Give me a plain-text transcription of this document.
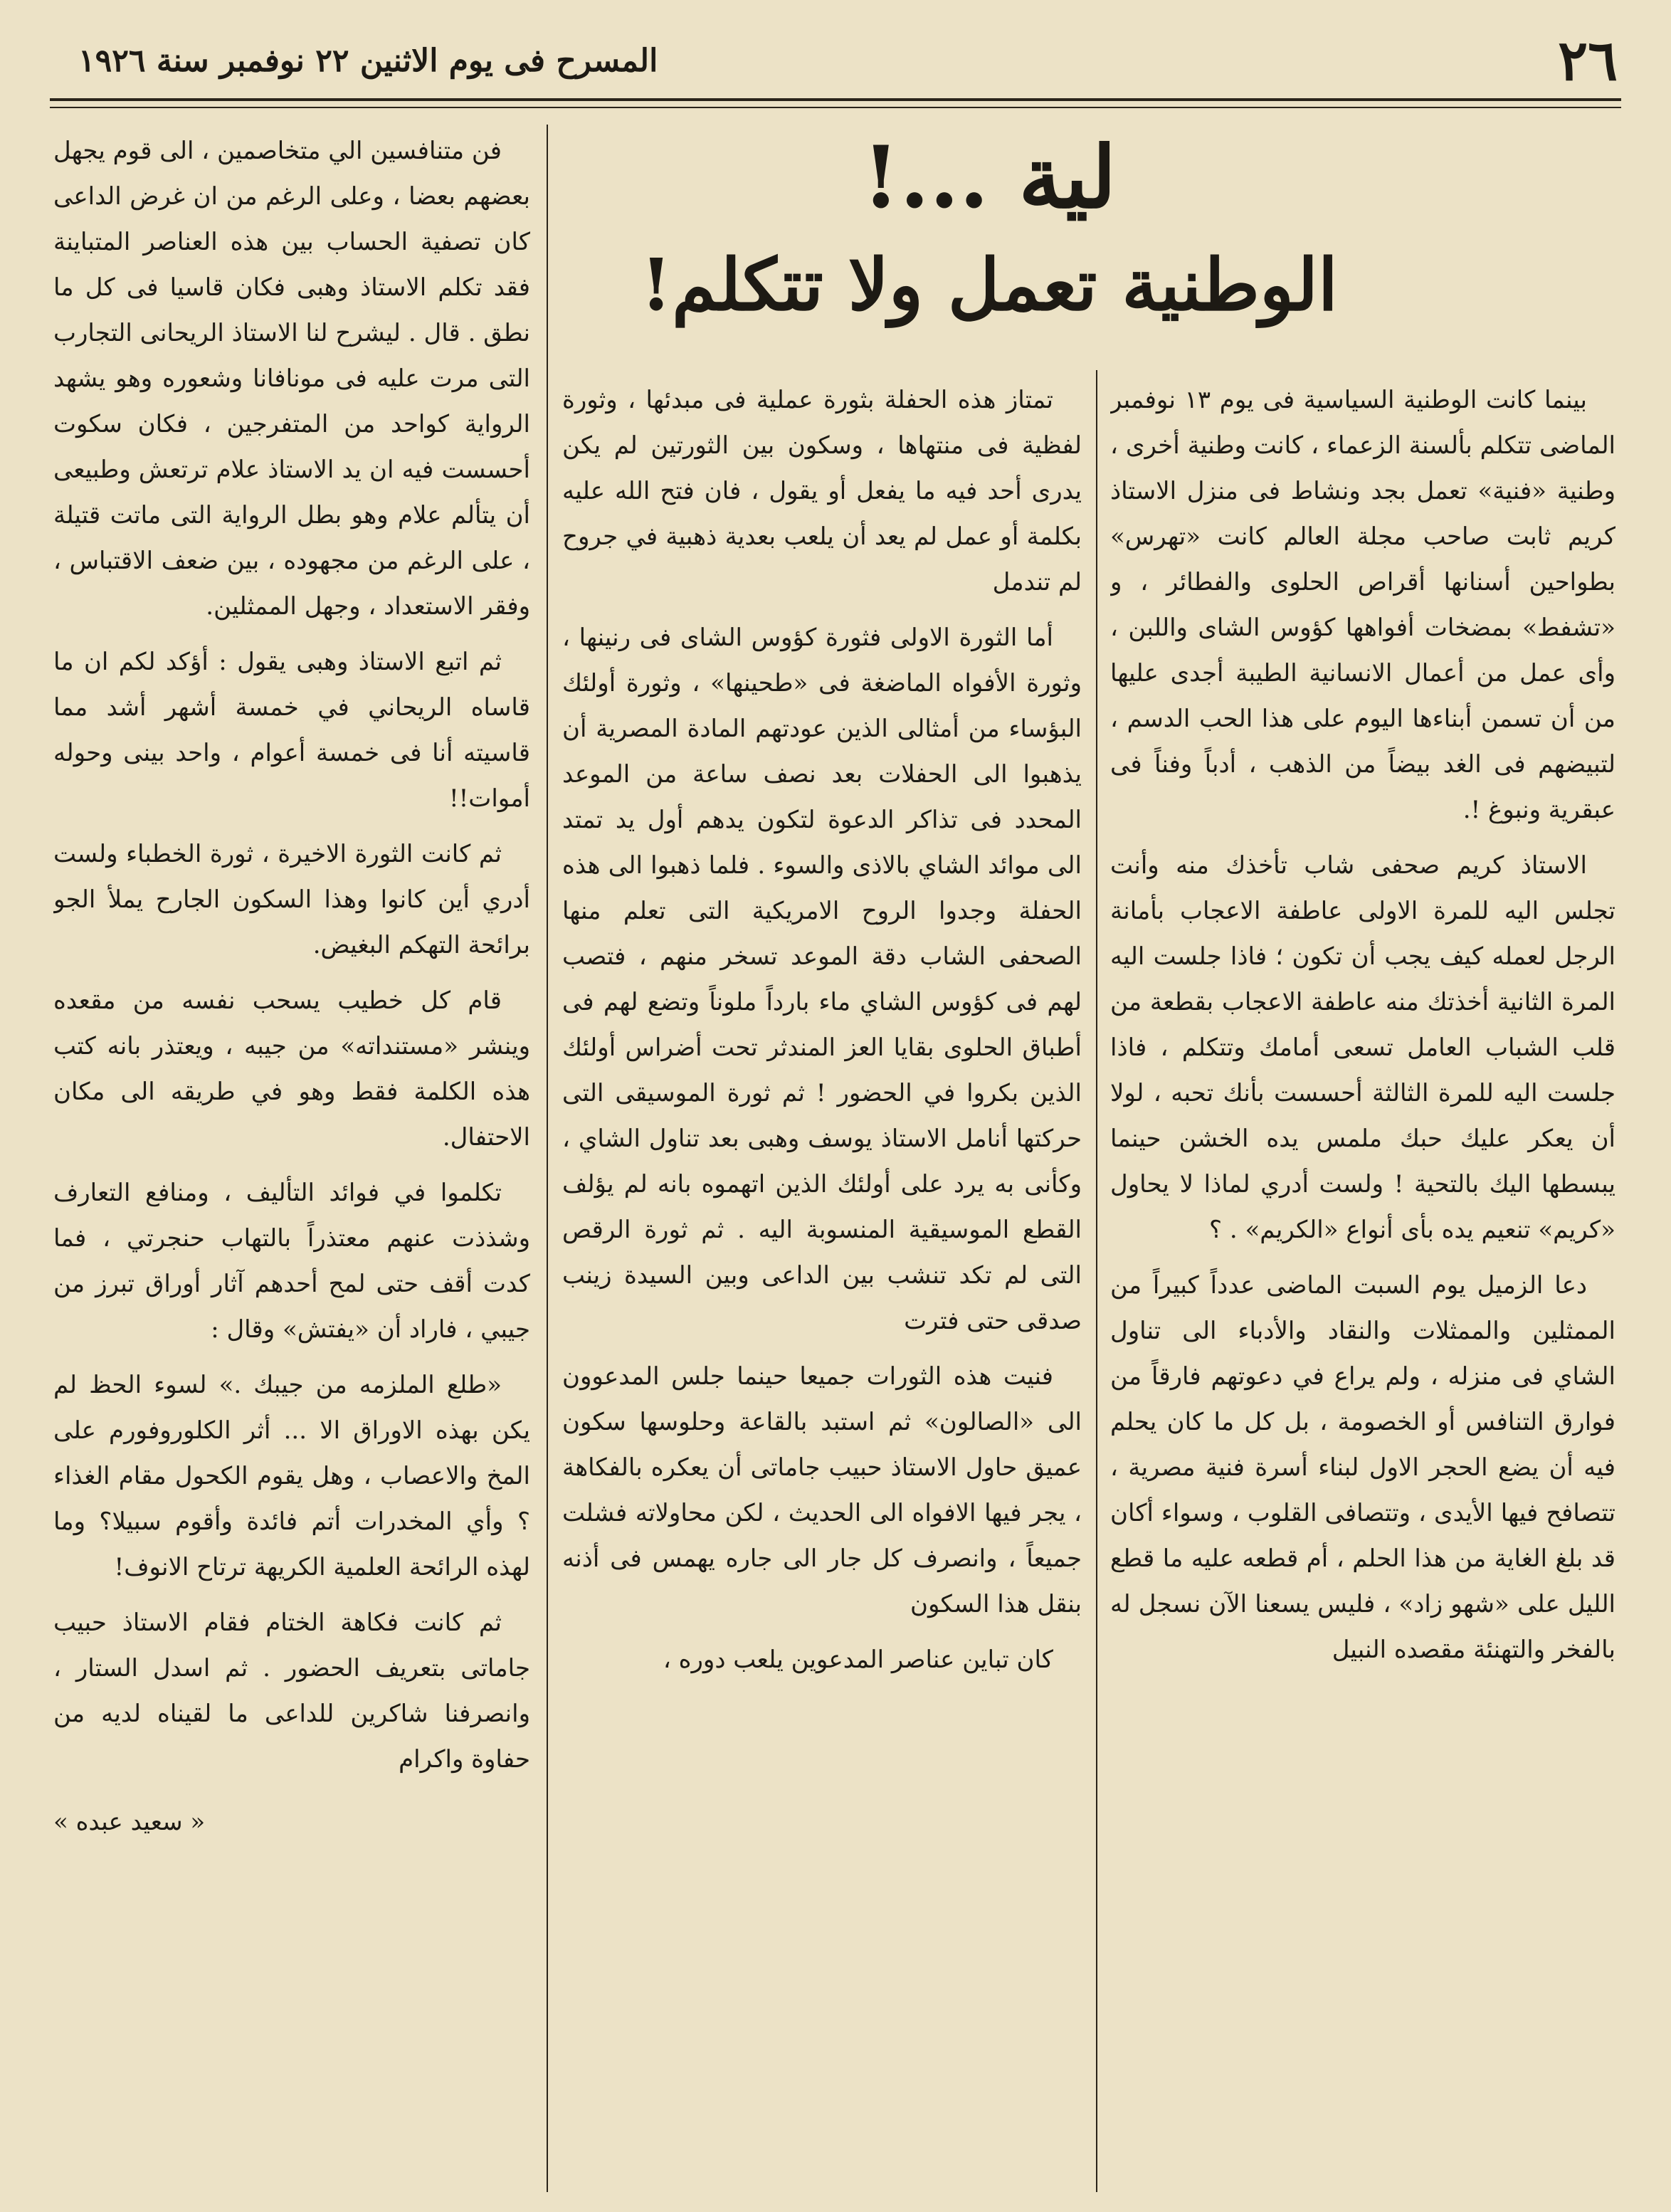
٢٦
المسرح فى يوم الاثنين ٢٢ نوفمبر سنة ١٩٢٦
لية ...!
الوطنية تعمل ولا تتكلم!

بينما كانت الوطنية السياسية فى يوم ١٣ نوفمبر الماضى تتكلم بألسنة الزعماء ، كانت وطنية أخرى ، وطنية «فنية» تعمل بجد ونشاط فى منزل الاستاذ كريم ثابت صاحب مجلة العالم كانت «تهرس» بطواحين أسنانها أقراص الحلوى والفطائر ، و «تشفط» بمضخات أفواهها كؤوس الشاى واللبن ، وأى عمل من أعمال الانسانية الطيبة أجدى عليها من أن تسمن أبناءها اليوم على هذا الحب الدسم ، لتبيضهم فى الغد بيضاً من الذهب ، أدباً وفناً فى عبقرية ونبوغ !.

الاستاذ كريم صحفى شاب تأخذك منه وأنت تجلس اليه للمرة الاولى عاطفة الاعجاب بأمانة الرجل لعمله كيف يجب أن تكون ؛ فاذا جلست اليه المرة الثانية أخذتك منه عاطفة الاعجاب بقطعة من قلب الشباب العامل تسعى أمامك وتتكلم ، فاذا جلست اليه للمرة الثالثة أحسست بأنك تحبه ، لولا أن يعكر عليك حبك ملمس يده الخشن حينما يبسطها اليك بالتحية ! ولست أدري لماذا لا يحاول «كريم» تنعيم يده بأى أنواع «الكريم» . ؟

دعا الزميل يوم السبت الماضى عدداً كبيراً من الممثلين والممثلات والنقاد والأدباء الى تناول الشاي فى منزله ، ولم يراع في دعوتهم فارقاً من فوارق التنافس أو الخصومة ، بل كل ما كان يحلم فيه أن يضع الحجر الاول لبناء أسرة فنية مصرية ، تتصافح فيها الأيدى ، وتتصافى القلوب ، وسواء أكان قد بلغ الغاية من هذا الحلم ، أم قطعه عليه ما قطع الليل على «شهو زاد» ، فليس يسعنا الآن نسجل له بالفخر والتهنئة مقصده النبيل

تمتاز هذه الحفلة بثورة عملية فى مبدئها ، وثورة لفظية فى منتهاها ، وسكون بين الثورتين لم يكن يدرى أحد فيه ما يفعل أو يقول ، فان فتح الله عليه بكلمة أو عمل لم يعد أن يلعب بعدية ذهبية في جروح لم تندمل

أما الثورة الاولى فثورة كؤوس الشاى فى رنينها ، وثورة الأفواه الماضغة فى «طحينها» ، وثورة أولئك البؤساء من أمثالى الذين عودتهم المادة المصرية أن يذهبوا الى الحفلات بعد نصف ساعة من الموعد المحدد فى تذاكر الدعوة لتكون يدهم أول يد تمتد الى موائد الشاي بالاذى والسوء . فلما ذهبوا الى هذه الحفلة وجدوا الروح الامريكية التى تعلم منها الصحفى الشاب دقة الموعد تسخر منهم ، فتصب لهم فى كؤوس الشاي ماء بارداً ملوناً وتضع لهم فى أطباق الحلوى بقايا العز المندثر تحت أضراس أولئك الذين بكروا في الحضور ! ثم ثورة الموسيقى التى حركتها أنامل الاستاذ يوسف وهبى بعد تناول الشاي ، وكأنى به يرد على أولئك الذين اتهموه بانه لم يؤلف القطع الموسيقية المنسوبة اليه . ثم ثورة الرقص التى لم تكد تنشب بين الداعى وبين السيدة زينب صدقى حتى فترت

فنيت هذه الثورات جميعا حينما جلس المدعوون الى «الصالون» ثم استبد بالقاعة وحلوسها سكون عميق حاول الاستاذ حبيب جاماتى أن يعكره بالفكاهة ، يجر فيها الافواه الى الحديث ، لكن محاولاته فشلت جميعاً ، وانصرف كل جار الى جاره يهمس فى أذنه بنقل هذا السكون

كان تباين عناصر المدعوين يلعب دوره ،

فن متنافسين الي متخاصمين ، الى قوم يجهل بعضهم بعضا ، وعلى الرغم من ان غرض الداعى كان تصفية الحساب بين هذه العناصر المتباينة فقد تكلم الاستاذ وهبى فكان قاسيا فى كل ما نطق . قال . ليشرح لنا الاستاذ الريحانى التجارب التى مرت عليه فى مونافانا وشعوره وهو يشهد الرواية كواحد من المتفرجين ، فكان سكوت أحسست فيه ان يد الاستاذ علام ترتعش وطبيعى أن يتألم علام وهو بطل الرواية التى ماتت قتيلة ، على الرغم من مجهوده ، بين ضعف الاقتباس ، وفقر الاستعداد ، وجهل الممثلين.

ثم اتبع الاستاذ وهبى يقول : أؤكد لكم ان ما قاساه الريحاني في خمسة أشهر أشد مما قاسيته أنا فى خمسة أعوام ، واحد بينى وحوله أموات!!

ثم كانت الثورة الاخيرة ، ثورة الخطباء ولست أدري أين كانوا وهذا السكون الجارح يملأ الجو برائحة التهكم البغيض.

قام كل خطيب يسحب نفسه من مقعده وينشر «مستنداته» من جيبه ، ويعتذر بانه كتب هذه الكلمة فقط وهو في طريقه الى مكان الاحتفال.

تكلموا في فوائد التأليف ، ومنافع التعارف وشذذت عنهم معتذراً بالتهاب حنجرتي ، فما كدت أقف حتى لمح أحدهم آثار أوراق تبرز من جيبي ، فاراد أن «يفتش» وقال :

«طلع الملزمه من جيبك .» لسوء الحظ لم يكن بهذه الاوراق الا ... أثر الكلوروفورم على المخ والاعصاب ، وهل يقوم الكحول مقام الغذاء ؟ وأي المخدرات أتم فائدة وأقوم سبيلا؟ وما لهذه الرائحة العلمية الكريهة ترتاح الانوف!

ثم كانت فكاهة الختام فقام الاستاذ حبيب جاماتى بتعريف الحضور . ثم اسدل الستار ، وانصرفنا شاكرين للداعى ما لقيناه لديه من حفاوة واكرام

« سعيد عبده »
